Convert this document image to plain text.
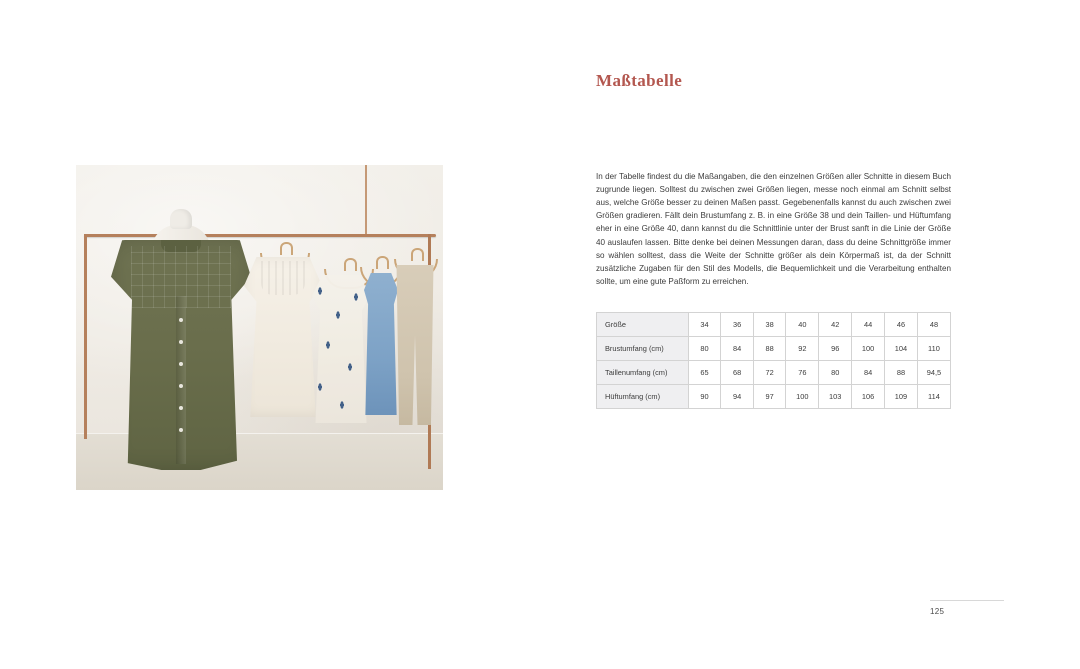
Maßtabelle

In der Tabelle findest du die Maßangaben, die den einzelnen Größen aller Schnitte in diesem Buch zugrunde liegen. Solltest du zwischen zwei Größen liegen, messe noch einmal am Schnitt selbst aus, welche Größe besser zu deinen Maßen passt. Gegebenenfalls kannst du auch zwischen zwei Größen gradieren. Fällt dein Brustumfang z. B. in eine Größe 38 und dein Taillen- und Hüftumfang eher in eine Größe 40, dann kannst du die Schnittlinie unter der Brust sanft in die Linie der Größe 40 auslaufen lassen. Bitte denke bei deinen Messungen daran, dass du deine Schnittgröße immer so wählen solltest, dass die Weite der Schnitte größer als dein Körpermaß ist, da der Schnitt zusätzliche Zugaben für den Stil des Modells, die Bequemlichkeit und die Verarbeitung enthalten sollte, um eine gute Paßform zu erreichen.

Größe	34	36	38	40	42	44	46	48
Brustumfang (cm)	80	84	88	92	96	100	104	110
Taillenumfang (cm)	65	68	72	76	80	84	88	94,5
Hüftumfang (cm)	90	94	97	100	103	106	109	114
125
